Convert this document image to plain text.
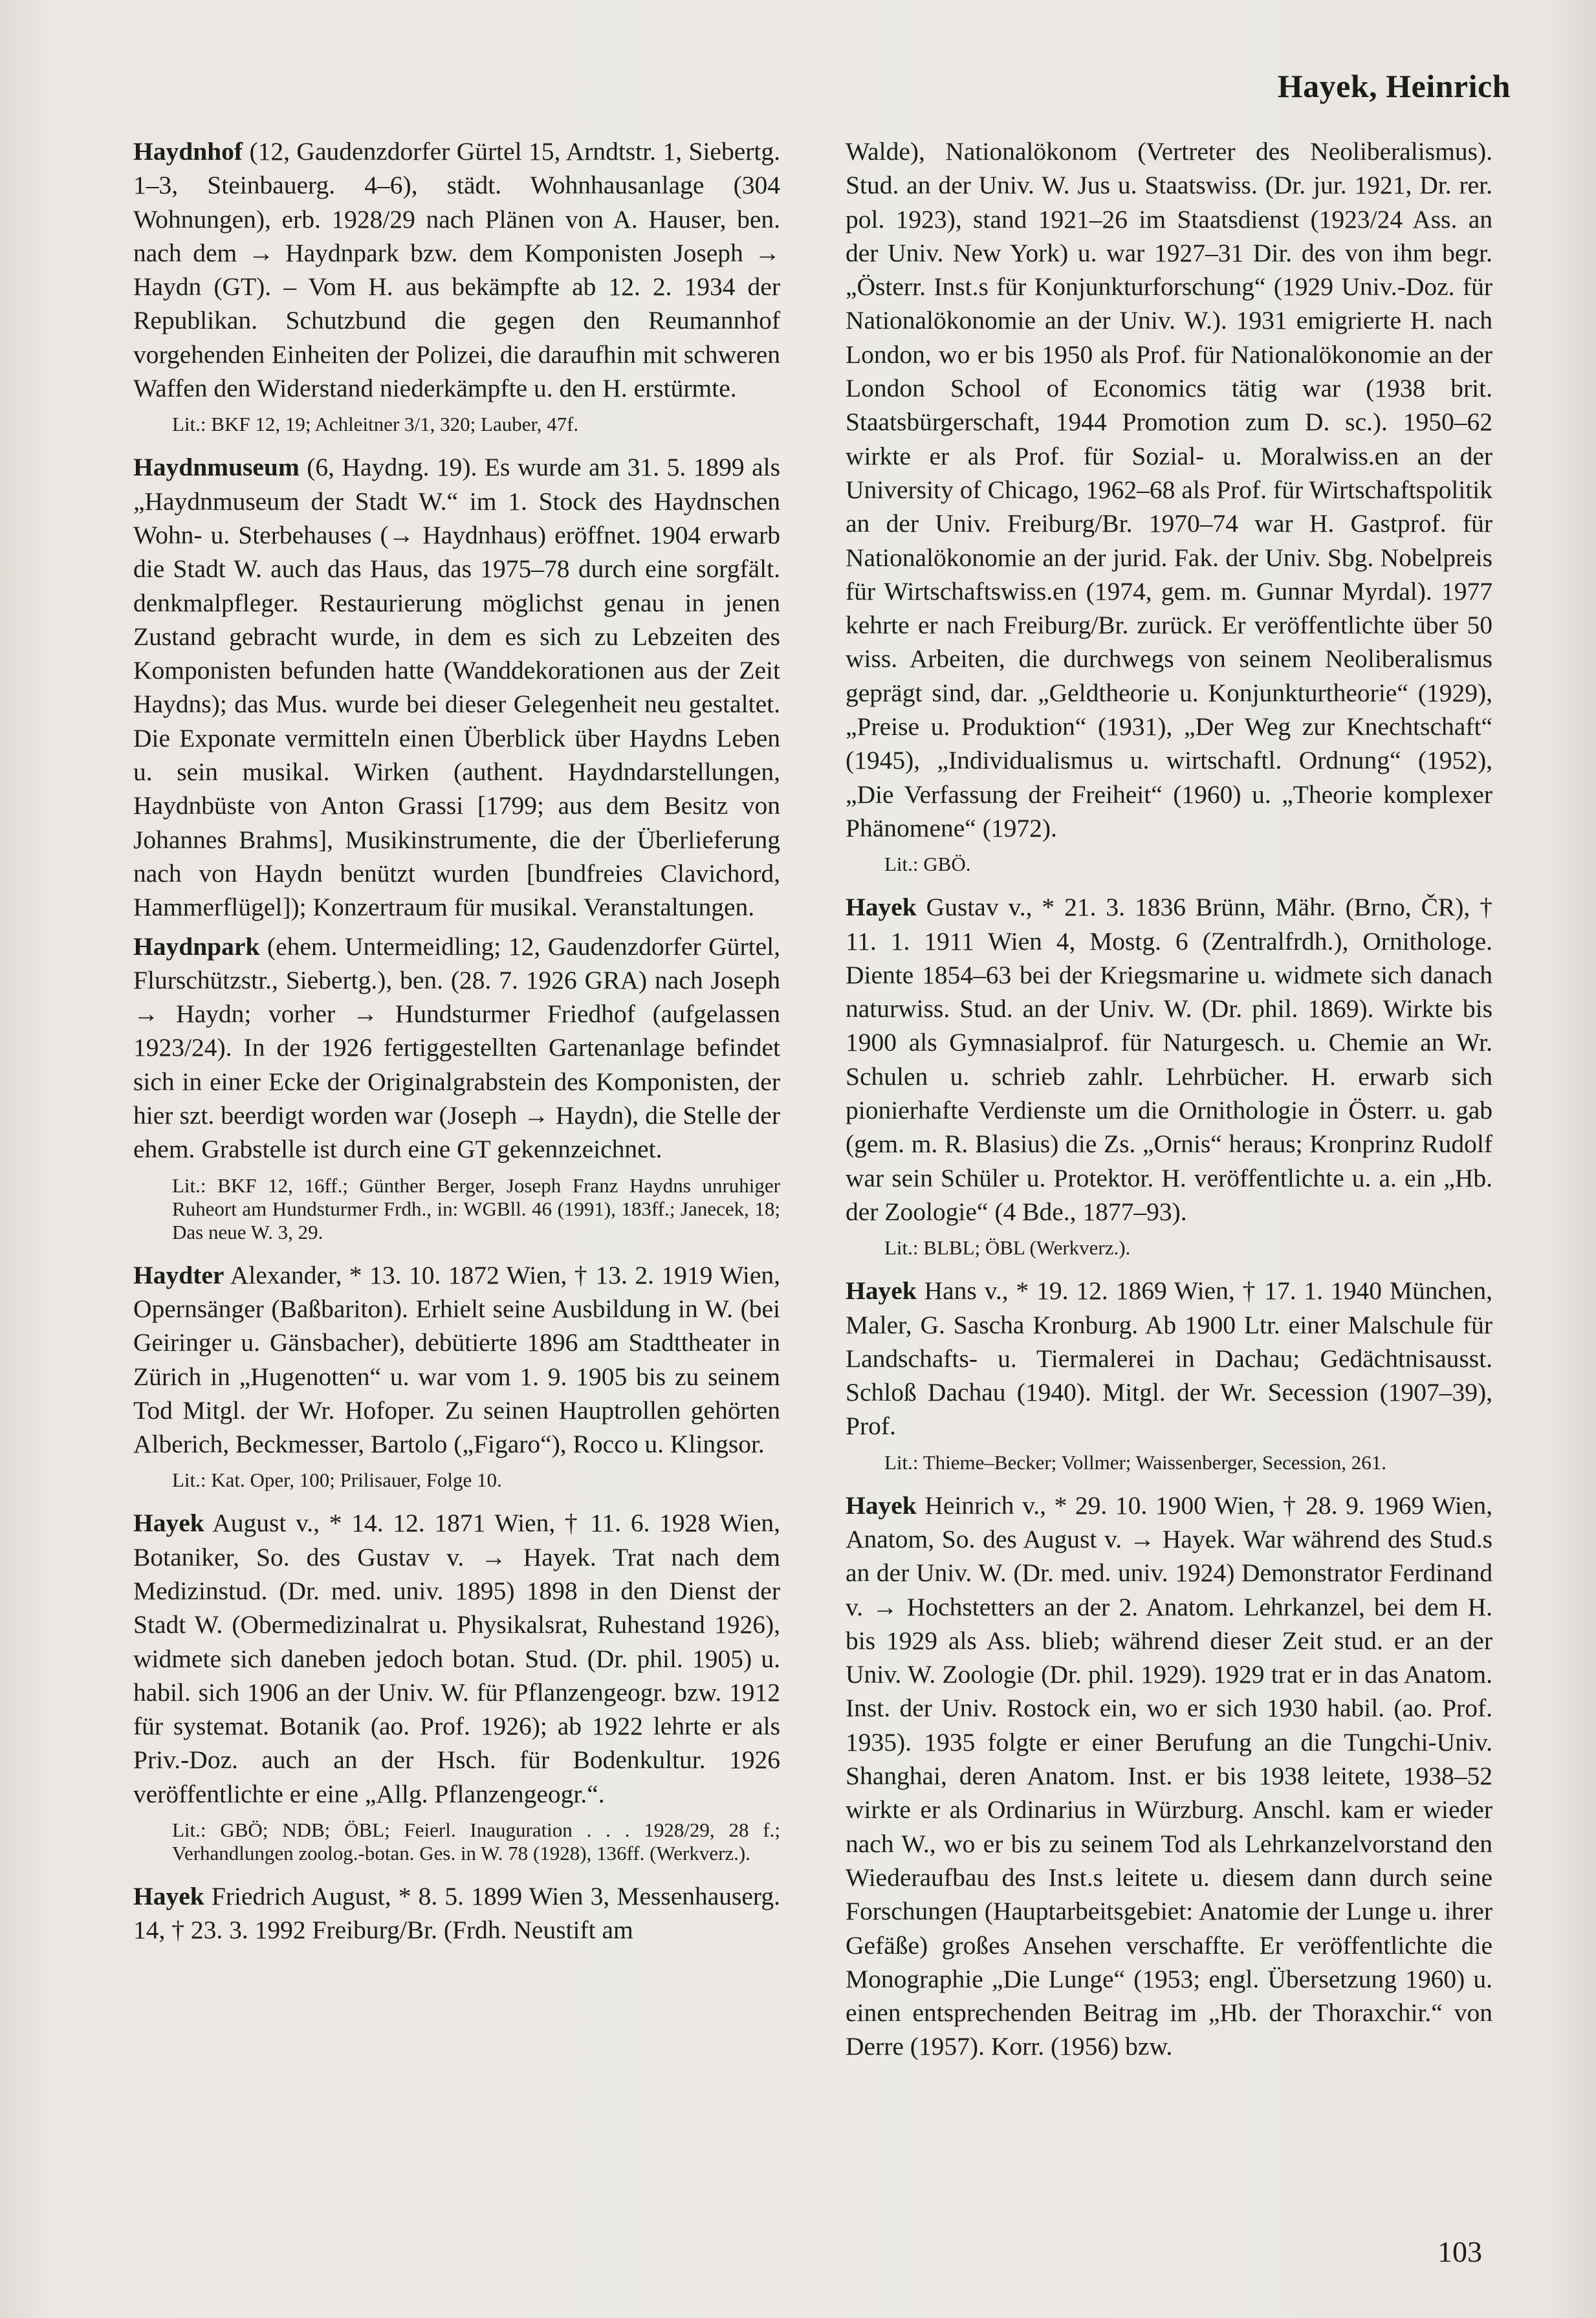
Hayek, Heinrich

Haydnhof (12, Gaudenzdorfer Gürtel 15, Arndtstr. 1, Siebertg. 1–3, Steinbauerg. 4–6), städt. Wohnhausanlage (304 Wohnungen), erb. 1928/29 nach Plänen von A. Hauser, ben. nach dem → Haydnpark bzw. dem Komponisten Joseph → Haydn (GT). – Vom H. aus bekämpfte ab 12. 2. 1934 der Republikan. Schutzbund die gegen den Reumannhof vorgehenden Einheiten der Polizei, die daraufhin mit schweren Waffen den Widerstand niederkämpfte u. den H. erstürmte.

Lit.: BKF 12, 19; Achleitner 3/1, 320; Lauber, 47f.

Haydnmuseum (6, Haydng. 19). Es wurde am 31. 5. 1899 als „Haydnmuseum der Stadt W.“ im 1. Stock des Haydnschen Wohn- u. Sterbehauses (→ Haydnhaus) eröffnet. 1904 erwarb die Stadt W. auch das Haus, das 1975–78 durch eine sorgfält. denkmalpfleger. Restaurierung möglichst genau in jenen Zustand gebracht wurde, in dem es sich zu Lebzeiten des Komponisten befunden hatte (Wanddekorationen aus der Zeit Haydns); das Mus. wurde bei dieser Gelegenheit neu gestaltet. Die Exponate vermitteln einen Überblick über Haydns Leben u. sein musikal. Wirken (authent. Haydndarstellungen, Haydnbüste von Anton Grassi [1799; aus dem Besitz von Johannes Brahms], Musikinstrumente, die der Überlieferung nach von Haydn benützt wurden [bundfreies Clavichord, Hammerflügel]); Konzertraum für musikal. Veranstaltungen.

Haydnpark (ehem. Untermeidling; 12, Gaudenzdorfer Gürtel, Flurschützstr., Siebertg.), ben. (28. 7. 1926 GRA) nach Joseph → Haydn; vorher → Hundsturmer Friedhof (aufgelassen 1923/24). In der 1926 fertiggestellten Gartenanlage befindet sich in einer Ecke der Originalgrabstein des Komponisten, der hier szt. beerdigt worden war (Joseph → Haydn), die Stelle der ehem. Grabstelle ist durch eine GT gekennzeichnet.

Lit.: BKF 12, 16ff.; Günther Berger, Joseph Franz Haydns unruhiger Ruheort am Hundsturmer Frdh., in: WGBll. 46 (1991), 183ff.; Janecek, 18; Das neue W. 3, 29.

Haydter Alexander, * 13. 10. 1872 Wien, † 13. 2. 1919 Wien, Opernsänger (Baßbariton). Erhielt seine Ausbildung in W. (bei Geiringer u. Gänsbacher), debütierte 1896 am Stadttheater in Zürich in „Hugenotten“ u. war vom 1. 9. 1905 bis zu seinem Tod Mitgl. der Wr. Hofoper. Zu seinen Hauptrollen gehörten Alberich, Beckmesser, Bartolo („Figaro“), Rocco u. Klingsor.

Lit.: Kat. Oper, 100; Prilisauer, Folge 10.

Hayek August v., * 14. 12. 1871 Wien, † 11. 6. 1928 Wien, Botaniker, So. des Gustav v. → Hayek. Trat nach dem Medizinstud. (Dr. med. univ. 1895) 1898 in den Dienst der Stadt W. (Obermedizinalrat u. Physikalsrat, Ruhestand 1926), widmete sich daneben jedoch botan. Stud. (Dr. phil. 1905) u. habil. sich 1906 an der Univ. W. für Pflanzengeogr. bzw. 1912 für systemat. Botanik (ao. Prof. 1926); ab 1922 lehrte er als Priv.-Doz. auch an der Hsch. für Bodenkultur. 1926 veröffentlichte er eine „Allg. Pflanzengeogr.“.

Lit.: GBÖ; NDB; ÖBL; Feierl. Inauguration . . . 1928/29, 28 f.; Verhandlungen zoolog.-botan. Ges. in W. 78 (1928), 136ff. (Werkverz.).

Hayek Friedrich August, * 8. 5. 1899 Wien 3, Messenhauserg. 14, † 23. 3. 1992 Freiburg/Br. (Frdh. Neustift am

Walde), Nationalökonom (Vertreter des Neoliberalismus). Stud. an der Univ. W. Jus u. Staatswiss. (Dr. jur. 1921, Dr. rer. pol. 1923), stand 1921–26 im Staatsdienst (1923/24 Ass. an der Univ. New York) u. war 1927–31 Dir. des von ihm begr. „Österr. Inst.s für Konjunkturforschung“ (1929 Univ.-Doz. für Nationalökonomie an der Univ. W.). 1931 emigrierte H. nach London, wo er bis 1950 als Prof. für Nationalökonomie an der London School of Economics tätig war (1938 brit. Staatsbürgerschaft, 1944 Promotion zum D. sc.). 1950–62 wirkte er als Prof. für Sozial- u. Moralwiss.en an der University of Chicago, 1962–68 als Prof. für Wirtschaftspolitik an der Univ. Freiburg/Br. 1970–74 war H. Gastprof. für Nationalökonomie an der jurid. Fak. der Univ. Sbg. Nobelpreis für Wirtschaftswiss.en (1974, gem. m. Gunnar Myrdal). 1977 kehrte er nach Freiburg/Br. zurück. Er veröffentlichte über 50 wiss. Arbeiten, die durchwegs von seinem Neoliberalismus geprägt sind, dar. „Geldtheorie u. Konjunkturtheorie“ (1929), „Preise u. Produktion“ (1931), „Der Weg zur Knechtschaft“ (1945), „Individualismus u. wirtschaftl. Ordnung“ (1952), „Die Verfassung der Freiheit“ (1960) u. „Theorie komplexer Phänomene“ (1972).

Lit.: GBÖ.

Hayek Gustav v., * 21. 3. 1836 Brünn, Mähr. (Brno, ČR), † 11. 1. 1911 Wien 4, Mostg. 6 (Zentralfrdh.), Ornithologe. Diente 1854–63 bei der Kriegsmarine u. widmete sich danach naturwiss. Stud. an der Univ. W. (Dr. phil. 1869). Wirkte bis 1900 als Gymnasialprof. für Naturgesch. u. Chemie an Wr. Schulen u. schrieb zahlr. Lehrbücher. H. erwarb sich pionierhafte Verdienste um die Ornithologie in Österr. u. gab (gem. m. R. Blasius) die Zs. „Ornis“ heraus; Kronprinz Rudolf war sein Schüler u. Protektor. H. veröffentlichte u. a. ein „Hb. der Zoologie“ (4 Bde., 1877–93).

Lit.: BLBL; ÖBL (Werkverz.).

Hayek Hans v., * 19. 12. 1869 Wien, † 17. 1. 1940 München, Maler, G. Sascha Kronburg. Ab 1900 Ltr. einer Malschule für Landschafts- u. Tiermalerei in Dachau; Gedächtnisausst. Schloß Dachau (1940). Mitgl. der Wr. Secession (1907–39), Prof.

Lit.: Thieme–Becker; Vollmer; Waissenberger, Secession, 261.

Hayek Heinrich v., * 29. 10. 1900 Wien, † 28. 9. 1969 Wien, Anatom, So. des August v. → Hayek. War während des Stud.s an der Univ. W. (Dr. med. univ. 1924) Demonstrator Ferdinand v. → Hochstetters an der 2. Anatom. Lehrkanzel, bei dem H. bis 1929 als Ass. blieb; während dieser Zeit stud. er an der Univ. W. Zoologie (Dr. phil. 1929). 1929 trat er in das Anatom. Inst. der Univ. Rostock ein, wo er sich 1930 habil. (ao. Prof. 1935). 1935 folgte er einer Berufung an die Tungchi-Univ. Shanghai, deren Anatom. Inst. er bis 1938 leitete, 1938–52 wirkte er als Ordinarius in Würzburg. Anschl. kam er wieder nach W., wo er bis zu seinem Tod als Lehrkanzelvorstand den Wiederaufbau des Inst.s leitete u. diesem dann durch seine Forschungen (Hauptarbeitsgebiet: Anatomie der Lunge u. ihrer Gefäße) großes Ansehen verschaffte. Er veröffentlichte die Monographie „Die Lunge“ (1953; engl. Übersetzung 1960) u. einen entsprechenden Beitrag im „Hb. der Thoraxchir.“ von Derre (1957). Korr. (1956) bzw.

103
